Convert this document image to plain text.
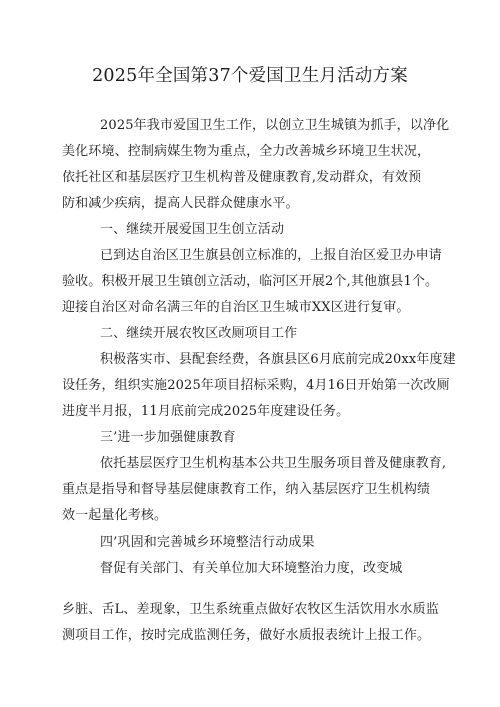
2025年全国第37个爱国卫生月活动方案
2025年我市爱国卫生工作，以创立卫生城镇为抓手，以净化
美化环境、控制病媒生物为重点，全力改善城乡环境卫生状况，
依托社区和基层医疗卫生机构普及健康教育,发动群众，有效预
防和减少疾病，提高人民群众健康水平。
一、继续开展爱国卫生创立活动
已到达自治区卫生旗县创立标准的，上报自治区爱卫办申请
验收。积极开展卫生镇创立活动，临河区开展2个,其他旗县1个。
迎接自治区对命名满三年的自治区卫生城市XX区进行复审。
二、继续开展农牧区改厕项目工作
积极落实市、县配套经费，各旗县区6月底前完成20xx年度建
设任务，组织实施2025年项目招标采购，4月16日开始第一次改厕
进度半月报，11月底前完成2025年度建设任务。
三’进一步加强健康教育
依托基层医疗卫生机构基本公共卫生服务项目普及健康教育,
重点是指导和督导基层健康教育工作，纳入基层医疗卫生机构绩
效一起量化考核。
四’巩固和完善城乡环境整洁行动成果
督促有关部门、有关单位加大环境整治力度，改变城
乡脏、舌L、差现象，卫生系统重点做好农牧区生活饮用水水质监
测项目工作，按时完成监测任务，做好水质报表统计上报工作。
